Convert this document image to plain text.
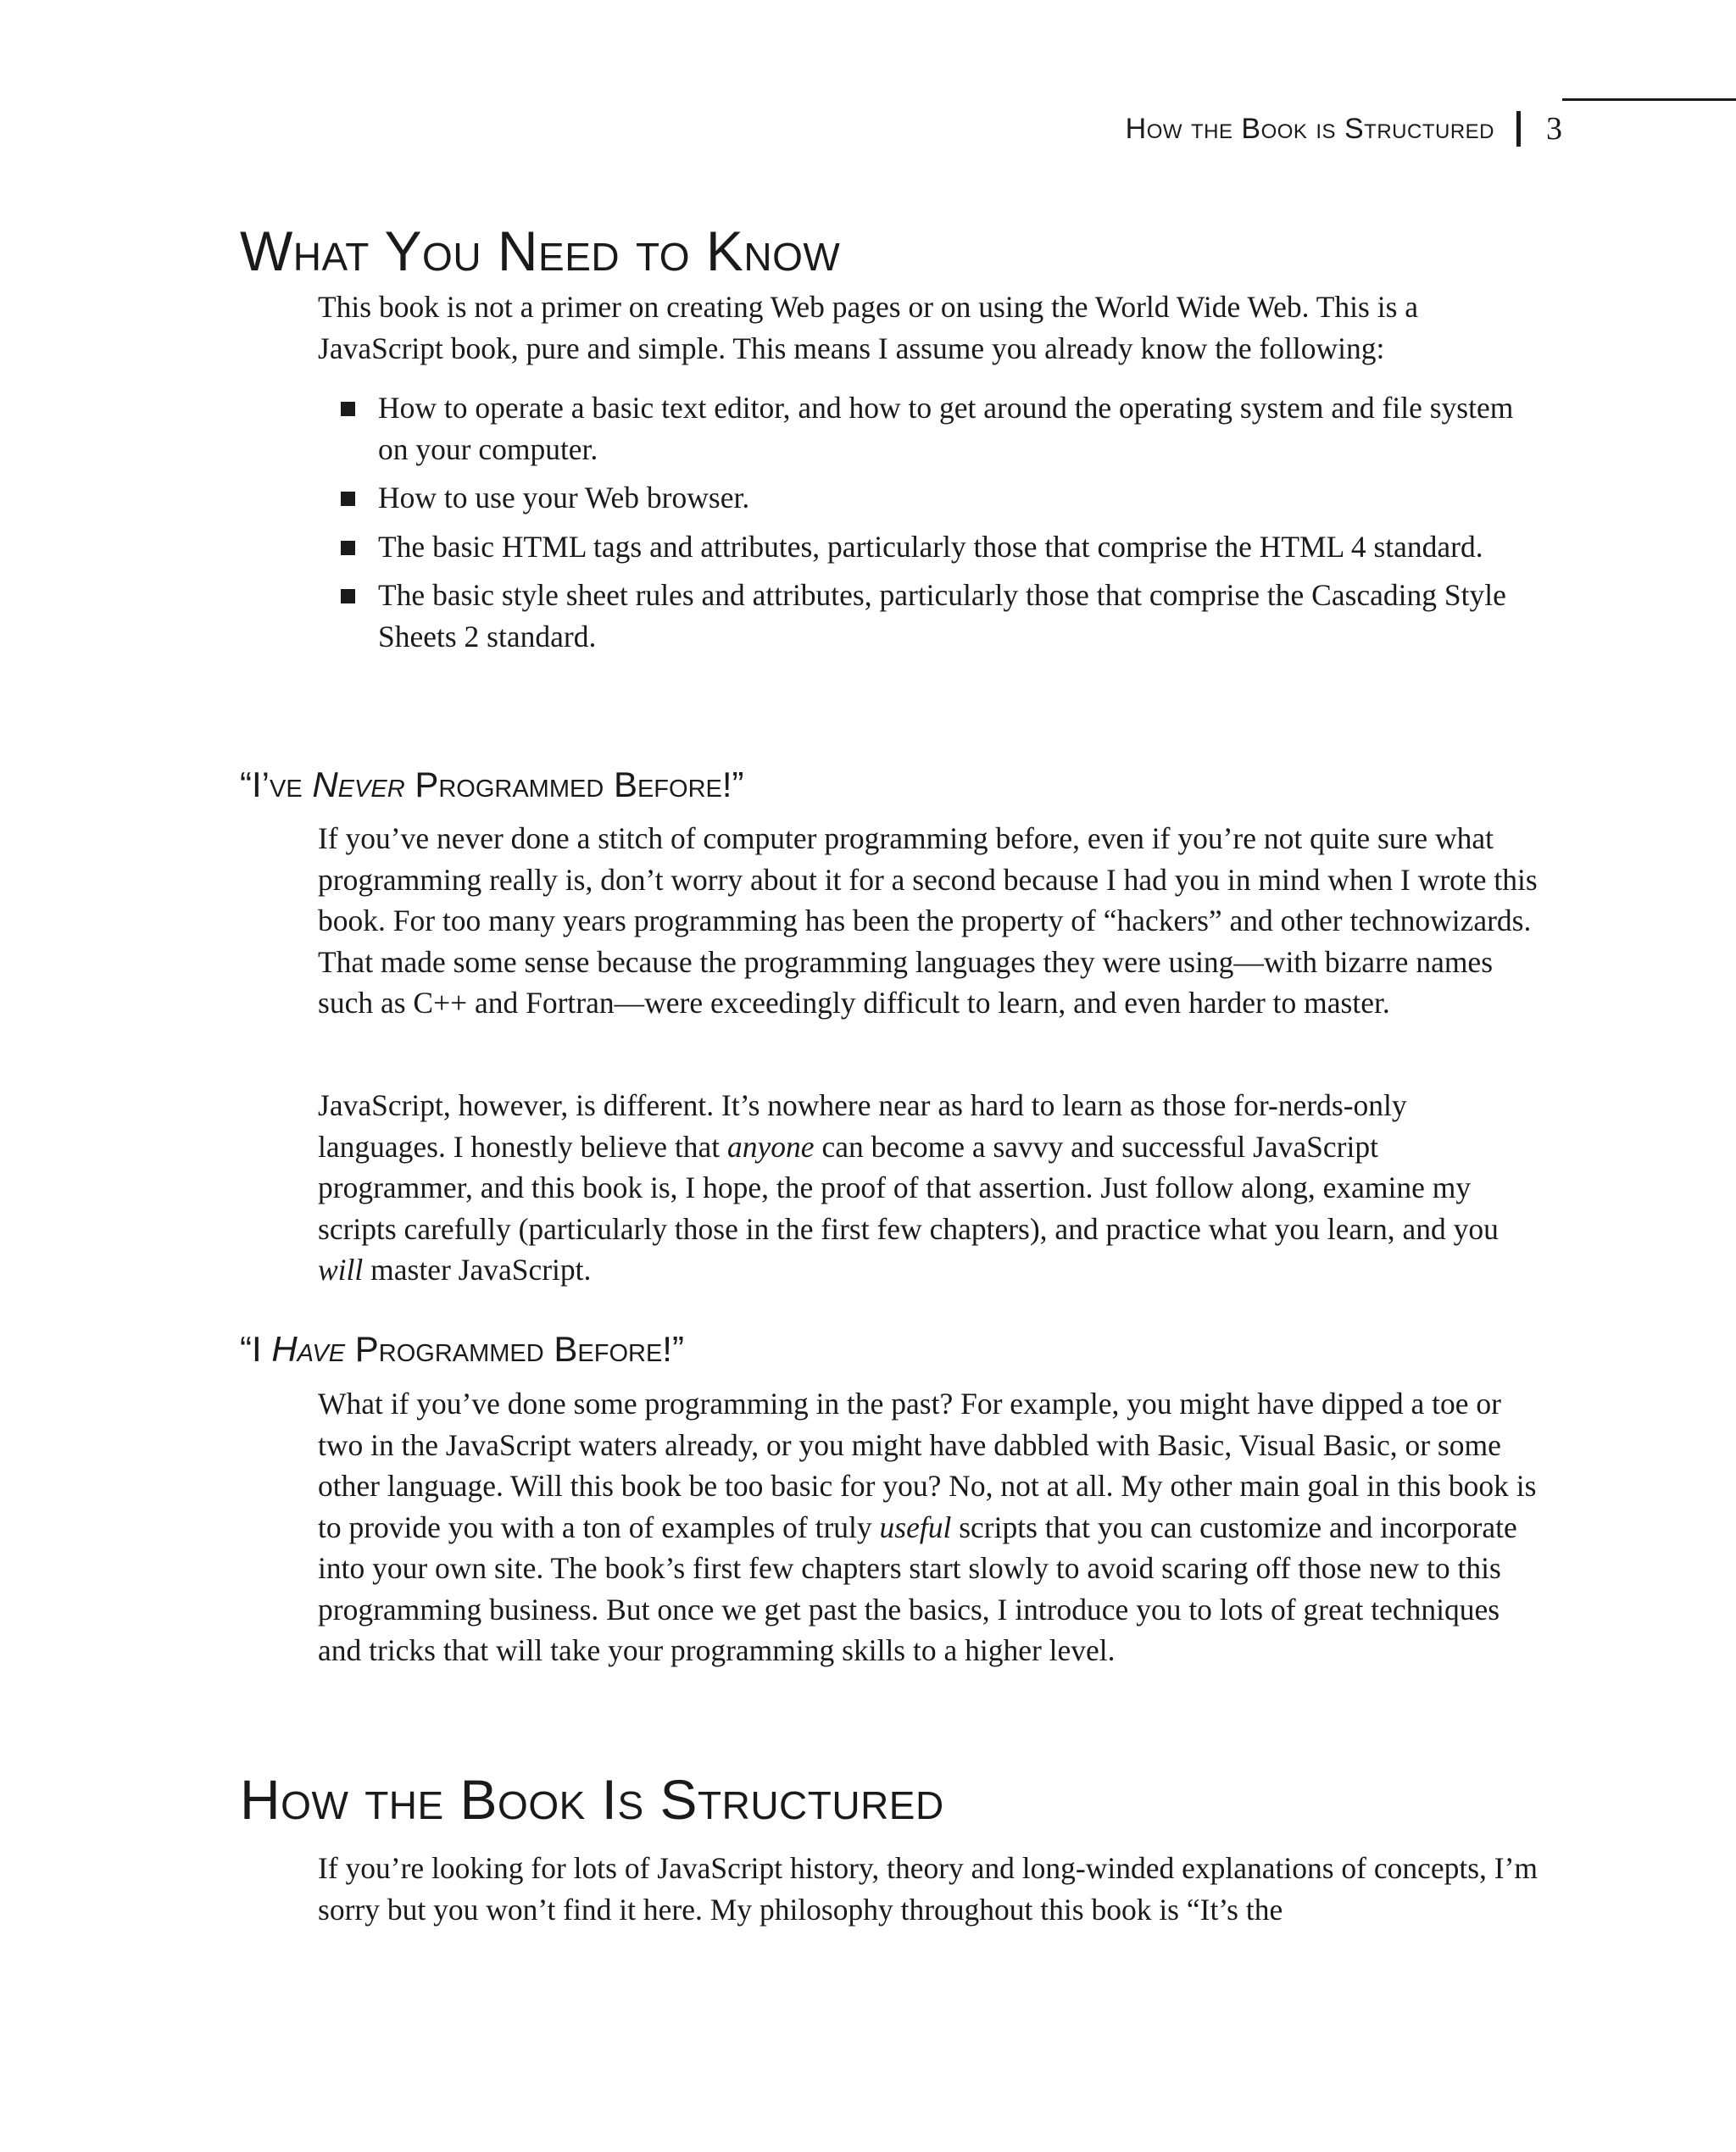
How the Book is Structured 3
What You Need to Know

This book is not a primer on creating Web pages or on using the World Wide Web. This is a JavaScript book, pure and simple. This means I assume you already know the following:

How to operate a basic text editor, and how to get around the operating system and file system on your computer.
How to use your Web browser.
The basic HTML tags and attributes, particularly those that comprise the HTML 4 standard.
The basic style sheet rules and attributes, particularly those that comprise the Cascading Style Sheets 2 standard.
“I’ve Never Programmed Before!”

If you’ve never done a stitch of computer programming before, even if you’re not quite sure what programming really is, don’t worry about it for a second because I had you in mind when I wrote this book. For too many years programming has been the property of “hackers” and other technowizards. That made some sense because the programming languages they were using—with bizarre names such as C++ and Fortran—were exceedingly difficult to learn, and even harder to master.

JavaScript, however, is different. It’s nowhere near as hard to learn as those for-nerds-only languages. I honestly believe that anyone can become a savvy and successful JavaScript programmer, and this book is, I hope, the proof of that assertion. Just follow along, examine my scripts carefully (particularly those in the first few chapters), and practice what you learn, and you will master JavaScript.

“I Have Programmed Before!”

What if you’ve done some programming in the past? For example, you might have dipped a toe or two in the JavaScript waters already, or you might have dabbled with Basic, Visual Basic, or some other language. Will this book be too basic for you? No, not at all. My other main goal in this book is to provide you with a ton of examples of truly useful scripts that you can customize and incorporate into your own site. The book’s first few chapters start slowly to avoid scaring off those new to this programming business. But once we get past the basics, I introduce you to lots of great techniques and tricks that will take your programming skills to a higher level.

How the Book Is Structured

If you’re looking for lots of JavaScript history, theory and long-winded explanations of concepts, I’m sorry but you won’t find it here. My philosophy throughout this book is “It’s the
